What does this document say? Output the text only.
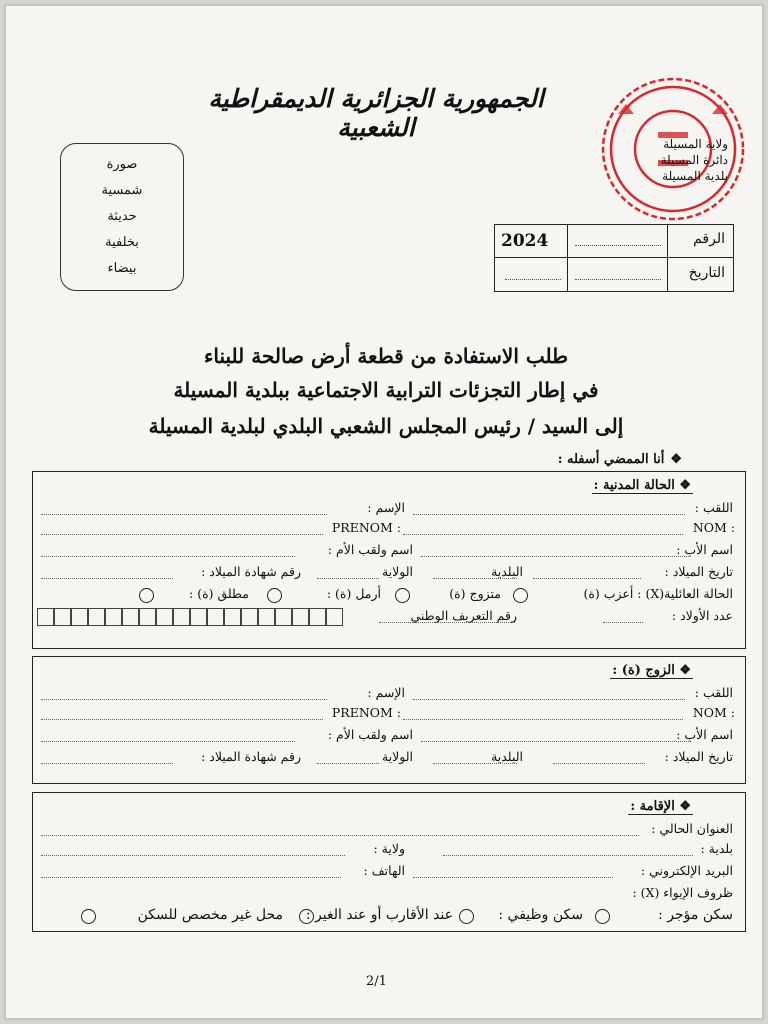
الجمهورية الجزائرية الديمقراطية الشعبية
ولاية المسيلة
دائرة المسيلة
بلدية المسيلة
صورة
شمسية
حديثة
بخلفية
بيضاء
2024	الرقم
التاريخ
طلب الاستفادة من قطعة أرض صالحة للبناء
في إطار التجزئات الترابية الاجتماعية ببلدية المسيلة
إلى السيد / رئيس المجلس الشعبي البلدي لبلدية المسيلة
❖أنا الممضي أسفله :
❖ الحالة المدنية :
اللقب :
الإسم :
NOM :
PRENOM :
اسم الأب :
اسم ولقب الأم :
تاريخ الميلاد :
البلدية
الولاية
رقم شهادة الميلاد :
الحالة العائلية(X) : أعزب (ة)
متزوج (ة)
أرمل (ة) :
مطلق (ة) :
عدد الأولاد :
رقم التعريف الوطني
❖ الزوج (ة) :
اللقب :
الإسم :
NOM :
PRENOM :
اسم الأب :
اسم ولقب الأم :
تاريخ الميلاد :
البلدية
الولاية
رقم شهادة الميلاد :
❖ الإقامة :
العنوان الحالي :
بلدية :
ولاية :
البريد الإلكتروني :
الهاتف :
ظروف الإيواء (X) :
سكن مؤجر :
سكن وظيفي :
عند الأقارب أو عند الغير :
محل غير مخصص للسكن
2/1
